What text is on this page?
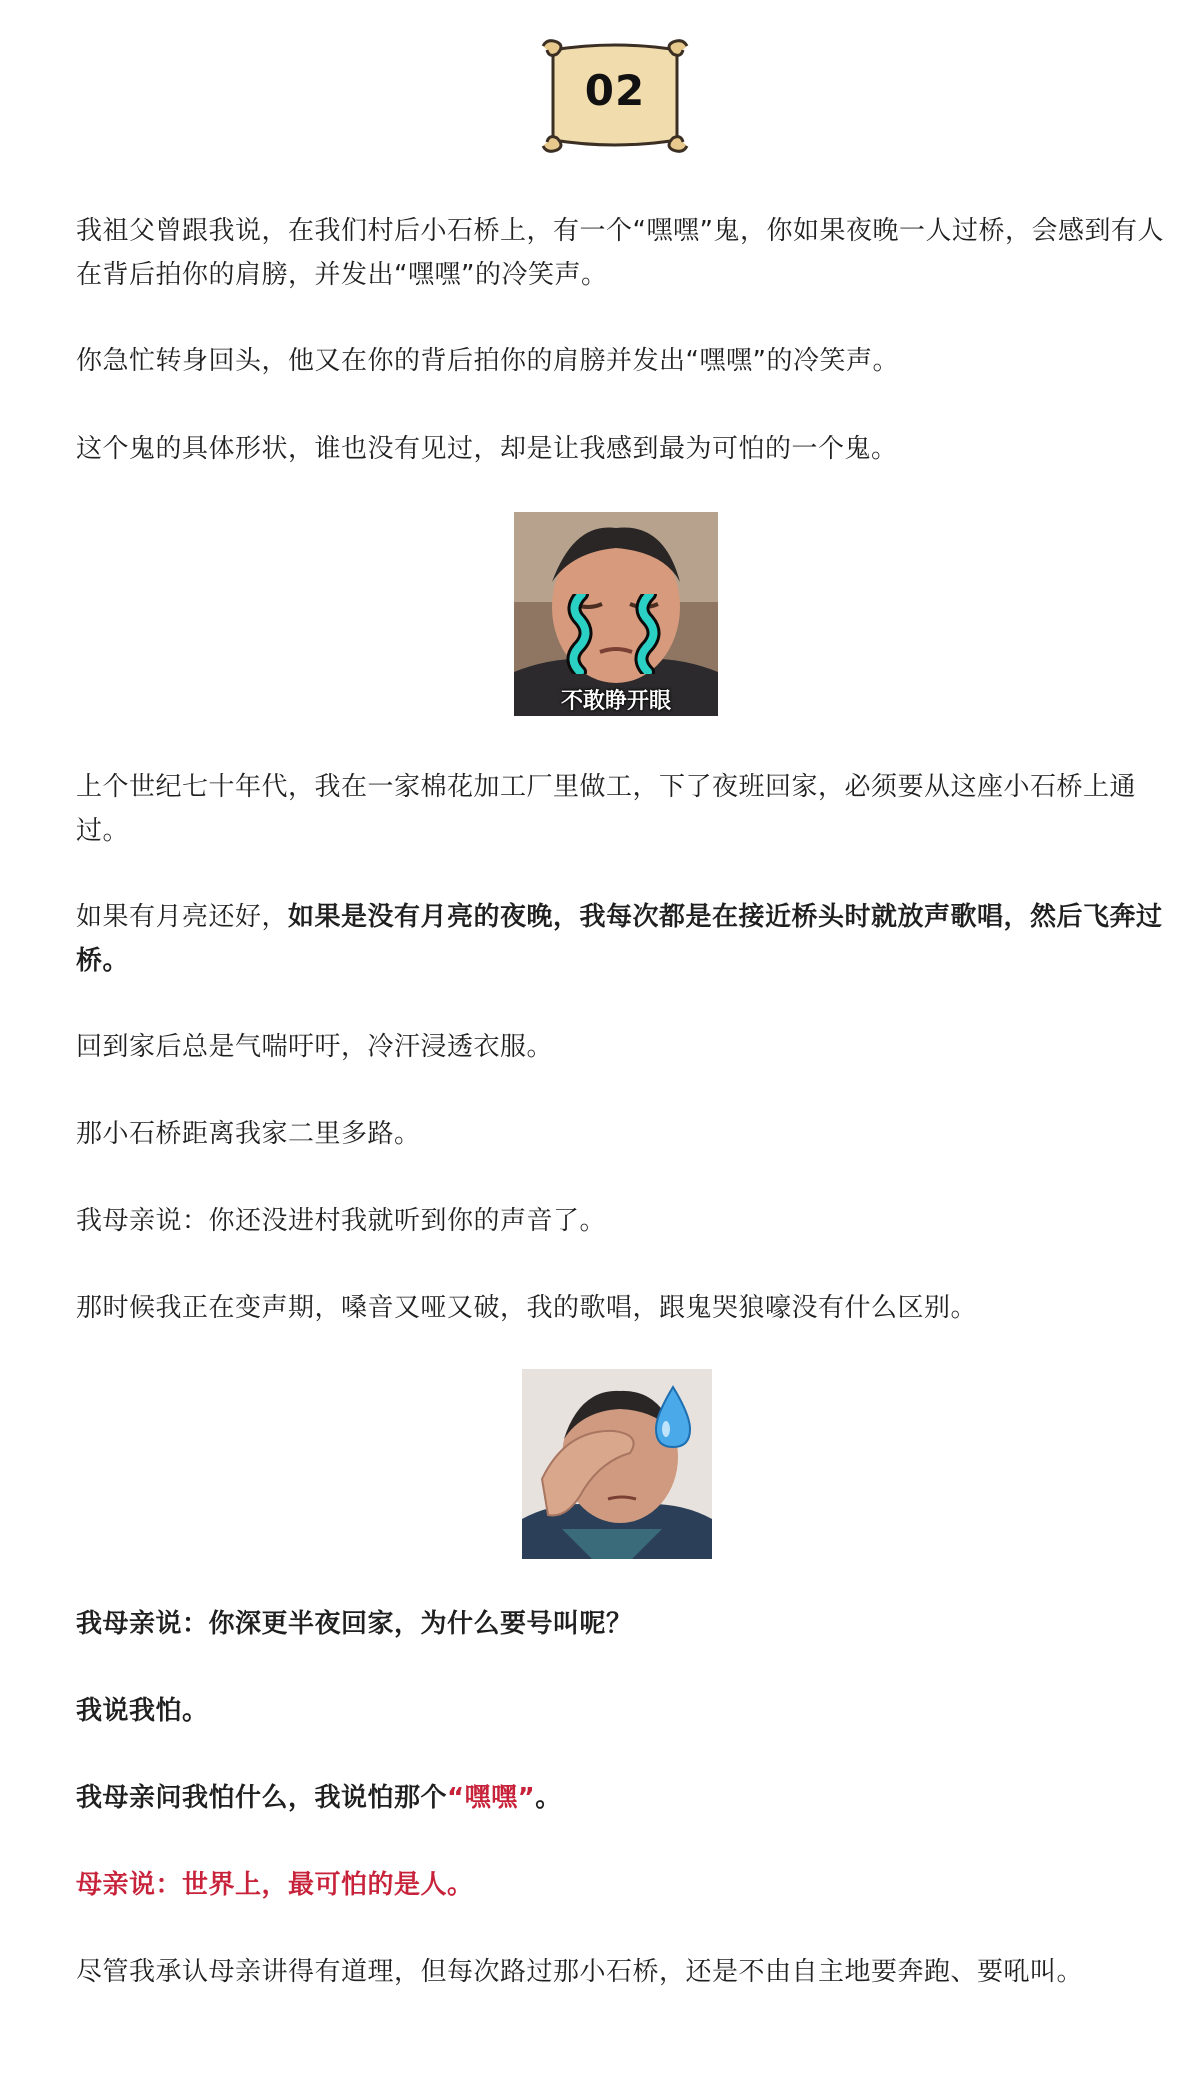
02

我祖父曾跟我说，在我们村后小石桥上，有一个“嘿嘿”鬼，你如果夜晚一人过桥，会感到有人在背后拍你的肩膀，并发出“嘿嘿”的冷笑声。

你急忙转身回头，他又在你的背后拍你的肩膀并发出“嘿嘿”的冷笑声。

这个鬼的具体形状，谁也没有见过，却是让我感到最为可怕的一个鬼。

不敢睁开眼

上个世纪七十年代，我在一家棉花加工厂里做工，下了夜班回家，必须要从这座小石桥上通过。

如果有月亮还好，如果是没有月亮的夜晚，我每次都是在接近桥头时就放声歌唱，然后飞奔过桥。

回到家后总是气喘吁吁，冷汗浸透衣服。

那小石桥距离我家二里多路。

我母亲说：你还没进村我就听到你的声音了。

那时候我正在变声期，嗓音又哑又破，我的歌唱，跟鬼哭狼嚎没有什么区别。

我母亲说：你深更半夜回家，为什么要号叫呢？

我说我怕。

我母亲问我怕什么，我说怕那个“嘿嘿”。

母亲说：世界上，最可怕的是人。

尽管我承认母亲讲得有道理，但每次路过那小石桥，还是不由自主地要奔跑、要吼叫。
